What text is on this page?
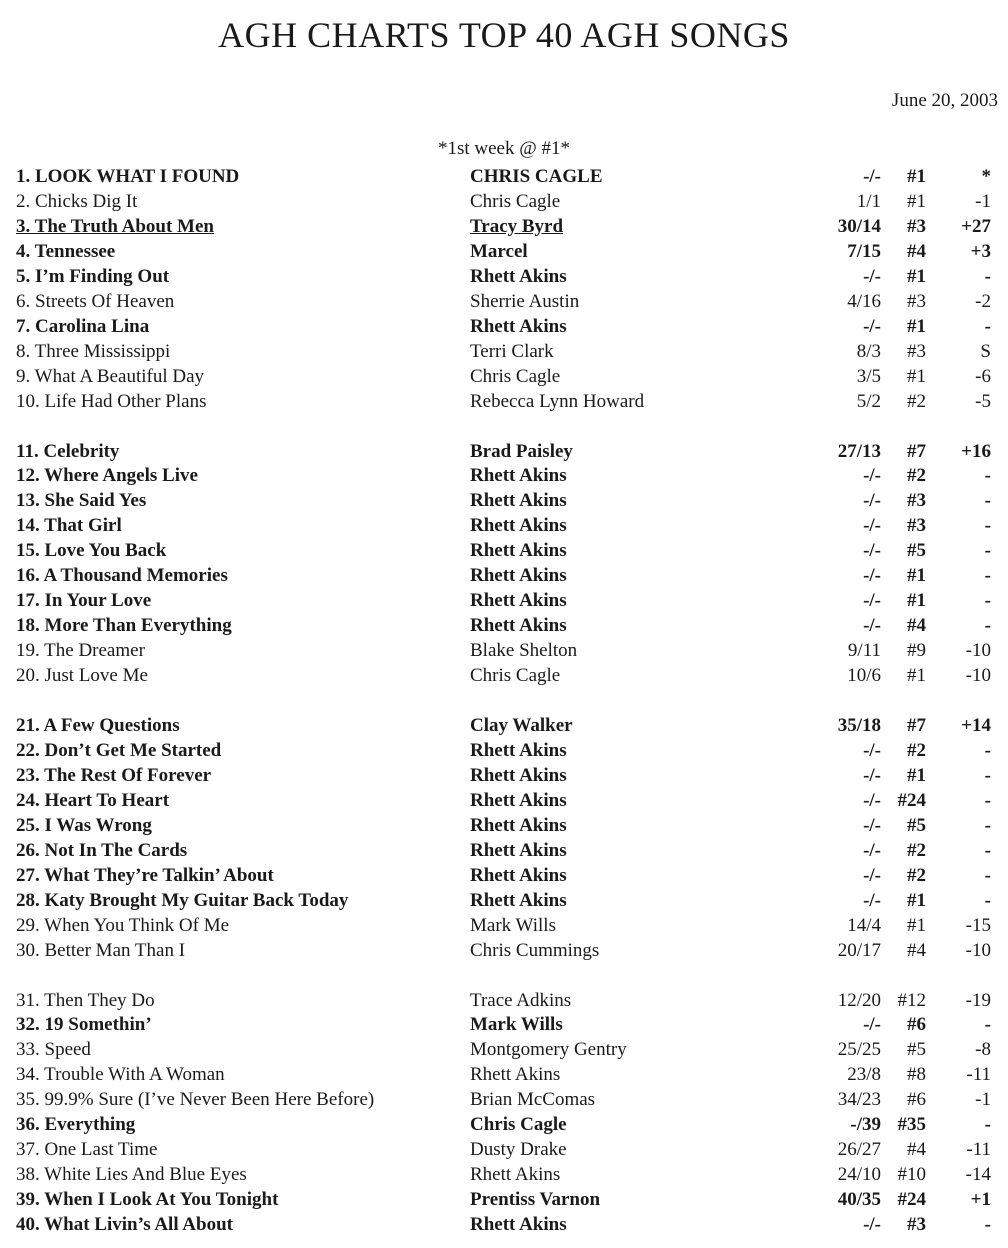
AGH CHARTS TOP 40 AGH SONGS
June 20, 2003
*1st week @ #1*
1. LOOK WHAT I FOUND	CHRIS CAGLE	-/- #1	*
2. Chicks Dig It	Chris Cagle	1/1 #1	-1
3. The Truth About Men	Tracy Byrd	30/14 #3 +27
4. Tennessee	Marcel	7/15 #4 +3
5. I’m Finding Out	Rhett Akins	-/- #1	-
6. Streets Of Heaven	Sherrie Austin	4/16 #3	-2
7. Carolina Lina	Rhett Akins	-/- #1	-
8. Three Mississippi	Terri Clark	8/3 #3	S
9. What A Beautiful Day	Chris Cagle	3/5 #1	-6
10. Life Had Other Plans	Rebecca Lynn Howard	5/2 #2	-5
11. Celebrity	Brad Paisley	27/13 #7 +16
12. Where Angels Live	Rhett Akins	-/- #2	-
13. She Said Yes	Rhett Akins	-/- #3	-
14. That Girl	Rhett Akins	-/- #3	-
15. Love You Back	Rhett Akins	-/- #5	-
16. A Thousand Memories	Rhett Akins	-/- #1	-
17. In Your Love	Rhett Akins	-/- #1	-
18. More Than Everything	Rhett Akins	-/- #4	-
19. The Dreamer	Blake Shelton	9/11 #9 -10
20. Just Love Me	Chris Cagle	10/6 #1 -10
21. A Few Questions	Clay Walker	35/18 #7 +14
22. Don’t Get Me Started	Rhett Akins	-/- #2	-
23. The Rest Of Forever	Rhett Akins	-/- #1	-
24. Heart To Heart	Rhett Akins	-/- #24	-
25. I Was Wrong	Rhett Akins	-/- #5	-
26. Not In The Cards	Rhett Akins	-/- #2	-
27. What They’re Talkin’ About	Rhett Akins	-/- #2	-
28. Katy Brought My Guitar Back Today	Rhett Akins	-/- #1	-
29. When You Think Of Me	Mark Wills	14/4 #1 -15
30. Better Man Than I	Chris Cummings	20/17 #4 -10
31. Then They Do	Trace Adkins	12/20 #12 -19
32. 19 Somethin’	Mark Wills	-/- #6	-
33. Speed	Montgomery Gentry	25/25 #5	-8
34. Trouble With A Woman	Rhett Akins	23/8 #8 -11
35. 99.9% Sure (I’ve Never Been Here Before)	Brian McComas	34/23 #6	-1
36. Everything	Chris Cagle	-/39 #35	-
37. One Last Time	Dusty Drake	26/27 #4 -11
38. White Lies And Blue Eyes	Rhett Akins	24/10 #10 -14
39. When I Look At You Tonight	Prentiss Varnon	40/35 #24 +1
40. What Livin’s All About	Rhett Akins	-/- #3	-
